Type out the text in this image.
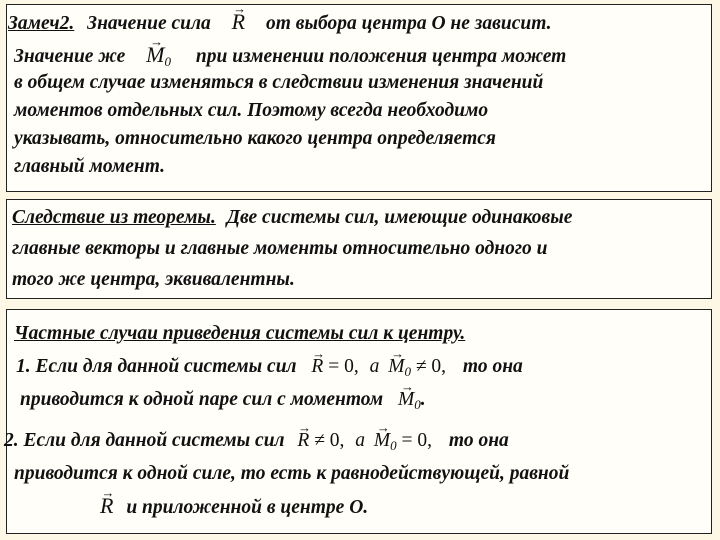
Замеч2. Значение сила → R от выбора центра О не зависит.
Значение же → $M_0$ при изменении положения центра может
в общем случае изменяться в следствии изменения значений
моментов отдельных сил. Поэтому всегда необходимо
указывать, относительно какого центра определяется
главный момент.
Следствие из теоремы. Две системы сил, имеющие одинаковые
главные векторы и главные моменты относительно одного и
того же центра, эквивалентны.
Частные случаи приведения системы сил к центру.
1. Если для данной системы сил → R = 0, $а \to M_0 \ne 0$, то она
приводится к одной паре сил с моментом → $M_0$.
2. Если для данной системы сил → R ≠ 0, $а \to M_0 = 0$, то она
приводится к одной силе, то есть к равнодействующей, равной
→ R и приложенной в центре О.
